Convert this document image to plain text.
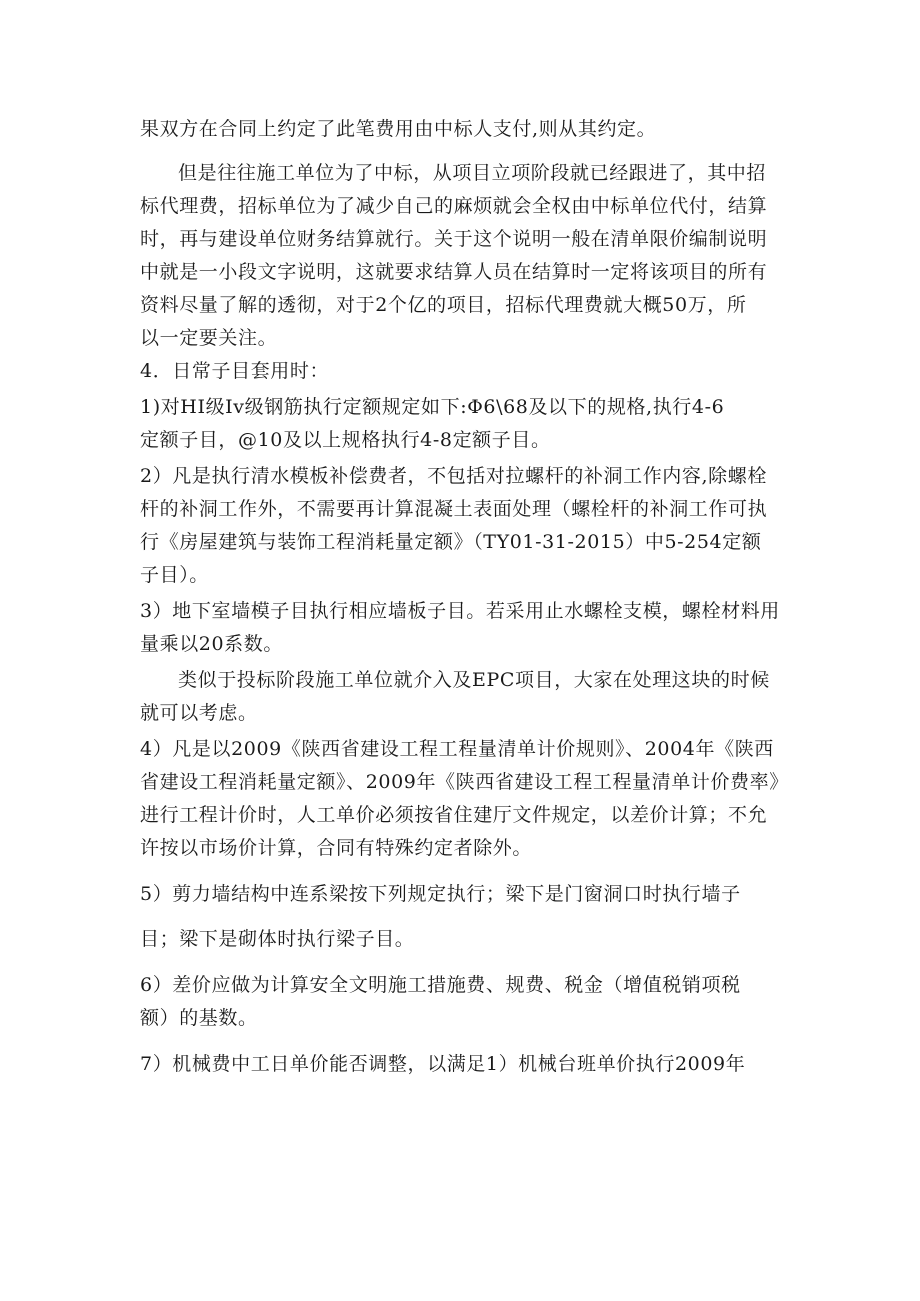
果双方在合同上约定了此笔费用由中标人支付,则从其约定。
但是往往施工单位为了中标，从项目立项阶段就已经跟进了，其中招
标代理费，招标单位为了减少自己的麻烦就会全权由中标单位代付，结算
时，再与建设单位财务结算就行。关于这个说明一般在清单限价编制说明
中就是一小段文字说明，这就要求结算人员在结算时一定将该项目的所有
资料尽量了解的透彻，对于2个亿的项目，招标代理费就大概50万，所
以一定要关注。
4．日常子目套用时：
1)对HI级Iv级钢筋执行定额规定如下:Φ6\68及以下的规格,执行4-6
定额子目，@10及以上规格执行4-8定额子目。
2）凡是执行清水模板补偿费者，不包括对拉螺杆的补洞工作内容,除螺栓
杆的补洞工作外，不需要再计算混凝土表面处理（螺栓杆的补洞工作可执
行《房屋建筑与装饰工程消耗量定额》（TY01-31-2015）中5-254定额
子目）。
3）地下室墙模子目执行相应墙板子目。若采用止水螺栓支模，螺栓材料用
量乘以20系数。
类似于投标阶段施工单位就介入及EPC项目，大家在处理这块的时候
就可以考虑。
4）凡是以2009《陕西省建设工程工程量清单计价规则》、2004年《陕西
省建设工程消耗量定额》、2009年《陕西省建设工程工程量清单计价费率》
进行工程计价时，人工单价必须按省住建厅文件规定，以差价计算；不允
许按以市场价计算，合同有特殊约定者除外。
5）剪力墙结构中连系梁按下列规定执行；梁下是门窗洞口时执行墙子
目；梁下是砌体时执行梁子目。
6）差价应做为计算安全文明施工措施费、规费、税金（增值税销项税
额）的基数。
7）机械费中工日单价能否调整，以满足1）机械台班单价执行2009年
